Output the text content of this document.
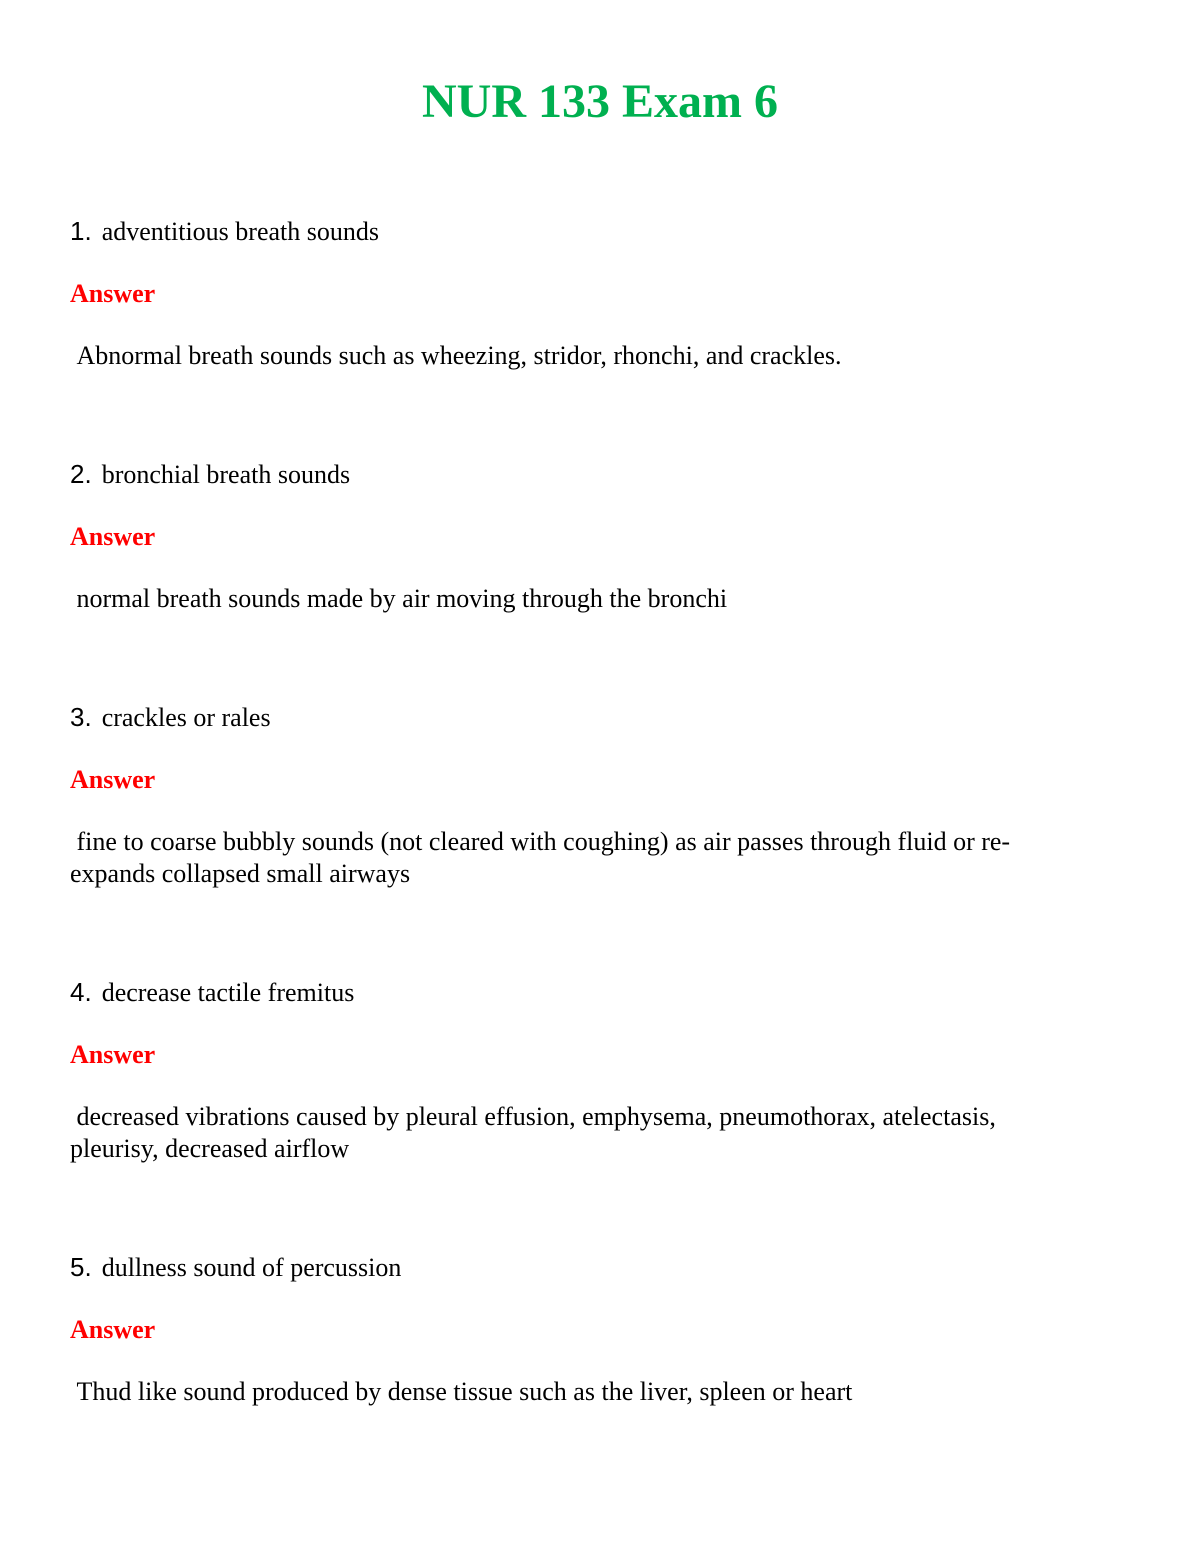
NUR 133 Exam 6
1. adventitious breath sounds
Answer
Abnormal breath sounds such as wheezing, stridor, rhonchi, and crackles.
2. bronchial breath sounds
Answer
normal breath sounds made by air moving through the bronchi
3. crackles or rales
Answer
fine to coarse bubbly sounds (not cleared with coughing) as air passes through fluid or re-
expands collapsed small airways
4. decrease tactile fremitus
Answer
decreased vibrations caused by pleural effusion, emphysema, pneumothorax, atelectasis,
pleurisy, decreased airflow
5. dullness sound of percussion
Answer
Thud like sound produced by dense tissue such as the liver, spleen or heart
